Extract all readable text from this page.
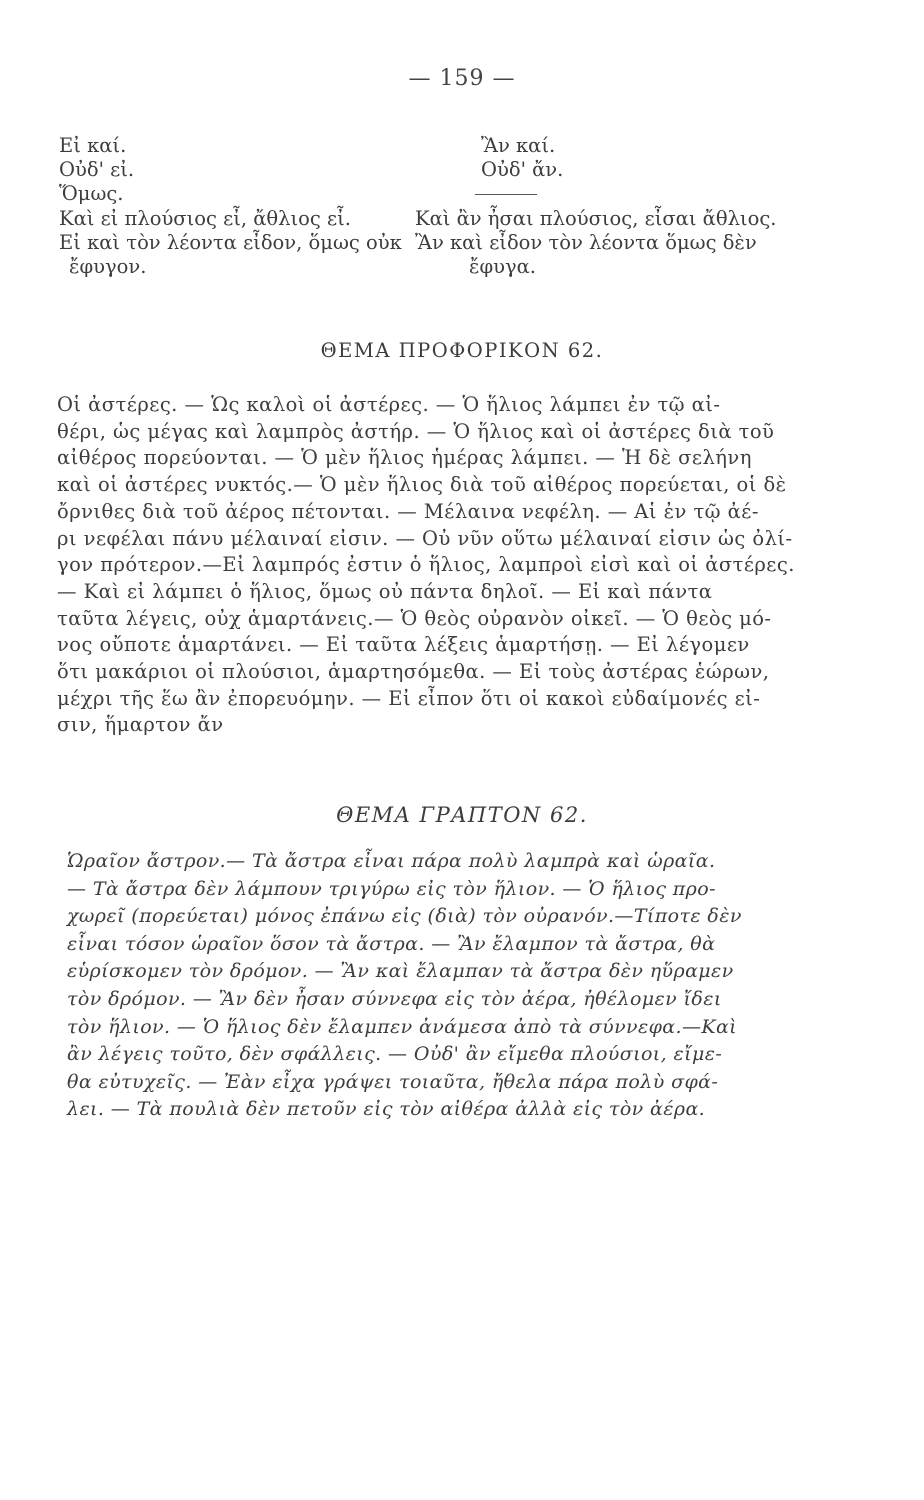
— 159 —
Εἰ καί.
Οὐδ' εἰ.
Ὅμως.
Καὶ εἰ πλούσιος εἶ, ἄθλιος εἶ.
Εἰ καὶ τὸν λέοντα εἶδον, ὅμως οὐκ
ἔφυγον.
Ἂν καί.
Οὐδ' ἄν.
Καὶ ἂν ἦσαι πλούσιος, εἶσαι ἄθλιος.
Ἂν καὶ εἶδον τὸν λέοντα ὅμως δὲν
ἔφυγα.
ΘΕΜΑ ΠΡΟΦΟΡΙΚΟΝ 62.
Οἱ ἀστέρες. — Ὡς καλοὶ οἱ ἀστέρες. — Ὁ ἥλιος λάμπει ἐν τῷ αἰ-
θέρι, ὡς μέγας καὶ λαμπρὸς ἀστήρ. — Ὁ ἥλιος καὶ οἱ ἀστέρες διὰ τοῦ
αἰθέρος πορεύονται. — Ὁ μὲν ἥλιος ἡμέρας λάμπει. — Ἡ δὲ σελήνη
καὶ οἱ ἀστέρες νυκτός.— Ὁ μὲν ἥλιος διὰ τοῦ αἰθέρος πορεύεται, οἱ δὲ
ὄρνιθες διὰ τοῦ ἀέρος πέτονται. — Μέλαινα νεφέλη. — Αἱ ἐν τῷ ἀέ-
ρι νεφέλαι πάνυ μέλαιναί εἰσιν. — Οὐ νῦν οὕτω μέλαιναί εἰσιν ὡς ὀλί-
γον πρότερον.—Εἰ λαμπρός ἐστιν ὁ ἥλιος, λαμπροὶ εἰσὶ καὶ οἱ ἀστέρες.
— Καὶ εἰ λάμπει ὁ ἥλιος, ὅμως οὐ πάντα δηλοῖ. — Εἰ καὶ πάντα
ταῦτα λέγεις, οὐχ ἁμαρτάνεις.— Ὁ θεὸς οὐρανὸν οἰκεῖ. — Ὁ θεὸς μό-
νος οὔποτε ἁμαρτάνει. — Εἰ ταῦτα λέξεις ἁμαρτήσῃ. — Εἰ λέγομεν
ὅτι μακάριοι οἱ πλούσιοι, ἁμαρτησόμεθα. — Εἰ τοὺς ἀστέρας ἑώρων,
μέχρι τῆς ἕω ἂν ἐπορευόμην. — Εἰ εἶπον ὅτι οἱ κακοὶ εὐδαίμονές εἰ-
σιν, ἥμαρτον ἄν
ΘΕΜΑ ΓΡΑΠΤΟΝ 62.
Ὡραῖον ἄστρον.— Τὰ ἄστρα εἶναι πάρα πολὺ λαμπρὰ καὶ ὡραῖα.
— Τὰ ἄστρα δὲν λάμπουν τριγύρω εἰς τὸν ἥλιον. — Ὁ ἥλιος προ-
χωρεῖ (πορεύεται) μόνος ἐπάνω εἰς (διὰ) τὸν οὐρανόν.—Τίποτε δὲν
εἶναι τόσον ὡραῖον ὅσον τὰ ἄστρα. — Ἂν ἔλαμπον τὰ ἄστρα, θὰ
εὑρίσκομεν τὸν δρόμον. — Ἂν καὶ ἔλαμπαν τὰ ἄστρα δὲν ηὕραμεν
τὸν δρόμον. — Ἂν δὲν ἦσαν σύννεφα εἰς τὸν ἀέρα, ἠθέλομεν ἴδει
τὸν ἥλιον. — Ὁ ἥλιος δὲν ἔλαμπεν ἀνάμεσα ἀπὸ τὰ σύννεφα.—Καὶ
ἂν λέγεις τοῦτο, δὲν σφάλλεις. — Οὐδ' ἂν εἴμεθα πλούσιοι, εἴμε-
θα εὐτυχεῖς. — Ἐὰν εἶχα γράψει τοιαῦτα, ἤθελα πάρα πολὺ σφά-
λει. — Τὰ πουλιὰ δὲν πετοῦν εἰς τὸν αἰθέρα ἀλλὰ εἰς τὸν ἀέρα.
